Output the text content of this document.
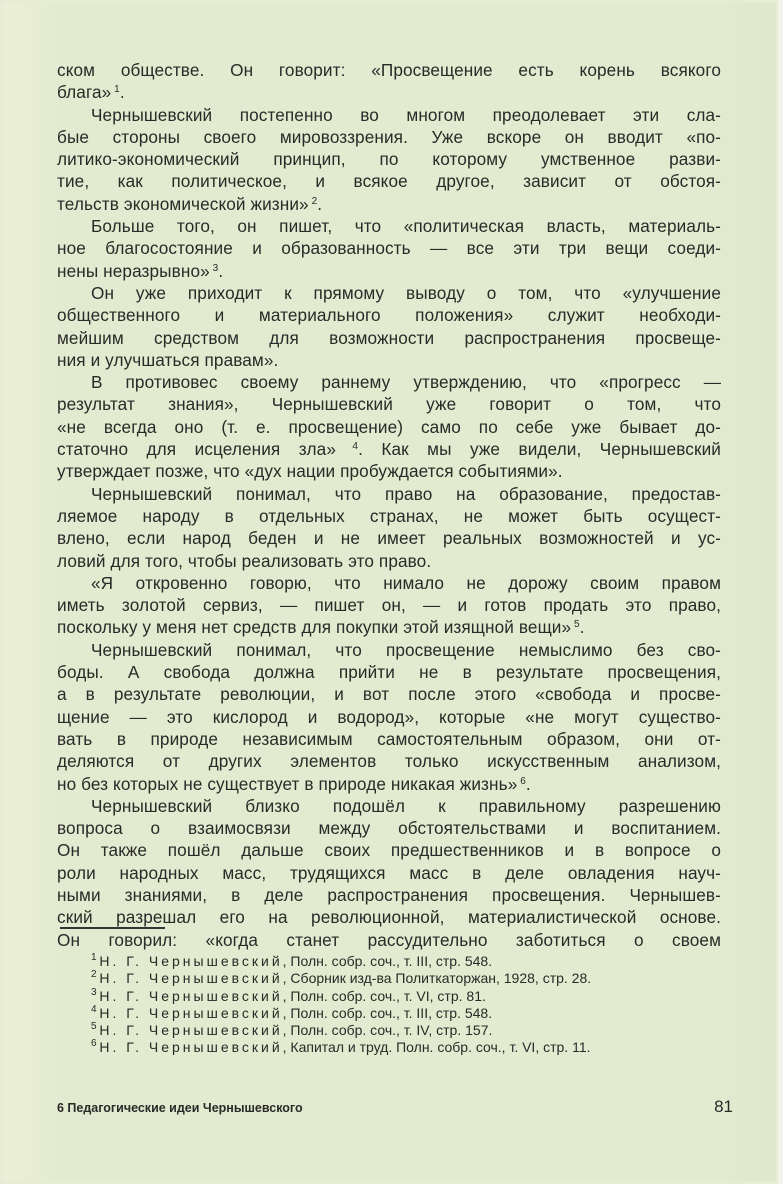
ском обществе. Он говорит: «Просвещение есть корень всякого
блага» $^1$.
Чернышевский постепенно во многом преодолевает эти сла-
бые стороны своего мировоззрения. Уже вскоре он вводит «по-
литико-экономический принцип, по которому умственное разви-
тие, как политическое, и всякое другое, зависит от обстоя-
тельств экономической жизни» $^2$.
Больше того, он пишет, что «политическая власть, материаль-
ное благосостояние и образованность — все эти три вещи соеди-
нены неразрывно» $^3$.
Он уже приходит к прямому выводу о том, что «улучшение
общественного и материального положения» служит необходи-
мейшим средством для возможности распространения просвеще-
ния и улучшаться правам».
В противовес своему раннему утверждению, что «прогресс —
результат знания», Чернышевский уже говорит о том, что
«не всегда оно (т. е. просвещение) само по себе уже бывает до-
статочно для исцеления зла» $^4$. Как мы уже видели, Чернышевский
утверждает позже, что «дух нации пробуждается событиями».
Чернышевский понимал, что право на образование, предостав-
ляемое народу в отдельных странах, не может быть осущест-
влено, если народ беден и не имеет реальных возможностей и ус-
ловий для того, чтобы реализовать это право.
«Я откровенно говорю, что нимало не дорожу своим правом
иметь золотой сервиз, — пишет он, — и готов продать это право,
поскольку у меня нет средств для покупки этой изящной вещи» $^5$.
Чернышевский понимал, что просвещение немыслимо без сво-
боды. А свобода должна прийти не в результате просвещения,
а в результате революции, и вот после этого «свобода и просве-
щение — это кислород и водород», которые «не могут существо-
вать в природе независимым самостоятельным образом, они от-
деляются от других элементов только искусственным анализом,
но без которых не существует в природе никакая жизнь» $^6$.
Чернышевский близко подошёл к правильному разрешению
вопроса о взаимосвязи между обстоятельствами и воспитанием.
Он также пошёл дальше своих предшественников и в вопросе о
роли народных масс, трудящихся масс в деле овладения науч-
ными знаниями, в деле распространения просвещения. Чернышев-
ский разрешал его на революционной, материалистической основе.
Он говорил: «когда станет рассудительно заботиться о своем
$^1$ Н. Г. Чернышевский, Полн. собр. соч., т. III, стр. 548.
$^2$ Н. Г. Чернышевский, Сборник изд-ва Политкаторжан, 1928, стр. 28.
$^3$ Н. Г. Чернышевский, Полн. собр. соч., т. VI, стр. 81.
$^4$ Н. Г. Чернышевский, Полн. собр. соч., т. III, стр. 548.
$^5$ Н. Г. Чернышевский, Полн. собр. соч., т. IV, стр. 157.
$^6$ Н. Г. Чернышевский, Капитал и труд. Полн. собр. соч., т. VI, стр. 11.
6 Педагогические идеи Чернышевского	81
